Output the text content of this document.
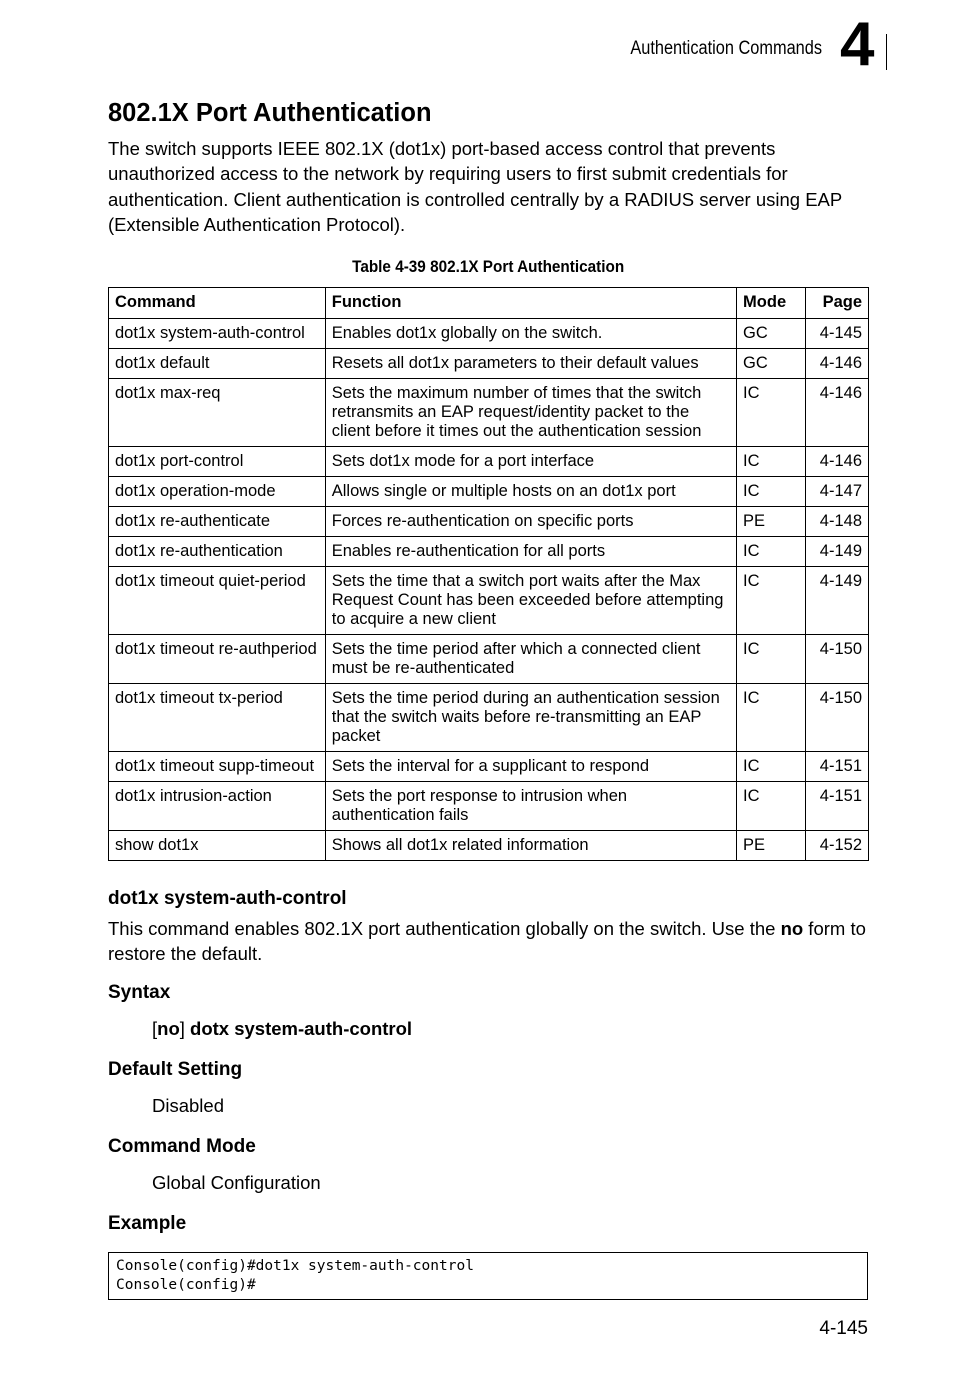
Authentication Commands 4
802.1X Port Authentication

The switch supports IEEE 802.1X (dot1x) port-based access control that prevents unauthorized access to the network by requiring users to first submit credentials for authentication. Client authentication is controlled centrally by a RADIUS server using EAP (Extensible Authentication Protocol).

Table 4-39 802.1X Port Authentication
Command	Function	Mode	Page
dot1x system-auth-control	Enables dot1x globally on the switch.	GC	4-145
dot1x default	Resets all dot1x parameters to their default values	GC	4-146
dot1x max-req	Sets the maximum number of times that the switch retransmits an EAP request/identity packet to the client before it times out the authentication session	IC	4-146
dot1x port-control	Sets dot1x mode for a port interface	IC	4-146
dot1x operation-mode	Allows single or multiple hosts on an dot1x port	IC	4-147
dot1x re-authenticate	Forces re-authentication on specific ports	PE	4-148
dot1x re-authentication	Enables re-authentication for all ports	IC	4-149
dot1x timeout quiet-period	Sets the time that a switch port waits after the Max Request Count has been exceeded before attempting to acquire a new client	IC	4-149
dot1x timeout re-authperiod	Sets the time period after which a connected client must be re-authenticated	IC	4-150
dot1x timeout tx-period	Sets the time period during an authentication session that the switch waits before re-transmitting an EAP packet	IC	4-150
dot1x timeout supp-timeout	Sets the interval for a supplicant to respond	IC	4-151
dot1x intrusion-action	Sets the port response to intrusion when authentication fails	IC	4-151
show dot1x	Shows all dot1x related information	PE	4-152
dot1x system-auth-control

This command enables 802.1X port authentication globally on the switch. Use the no form to restore the default.

Syntax

[no] dotx system-auth-control

Default Setting

Disabled

Command Mode

Global Configuration

Example
Console(config)#dot1x system-auth-control
Console(config)#
4-145
